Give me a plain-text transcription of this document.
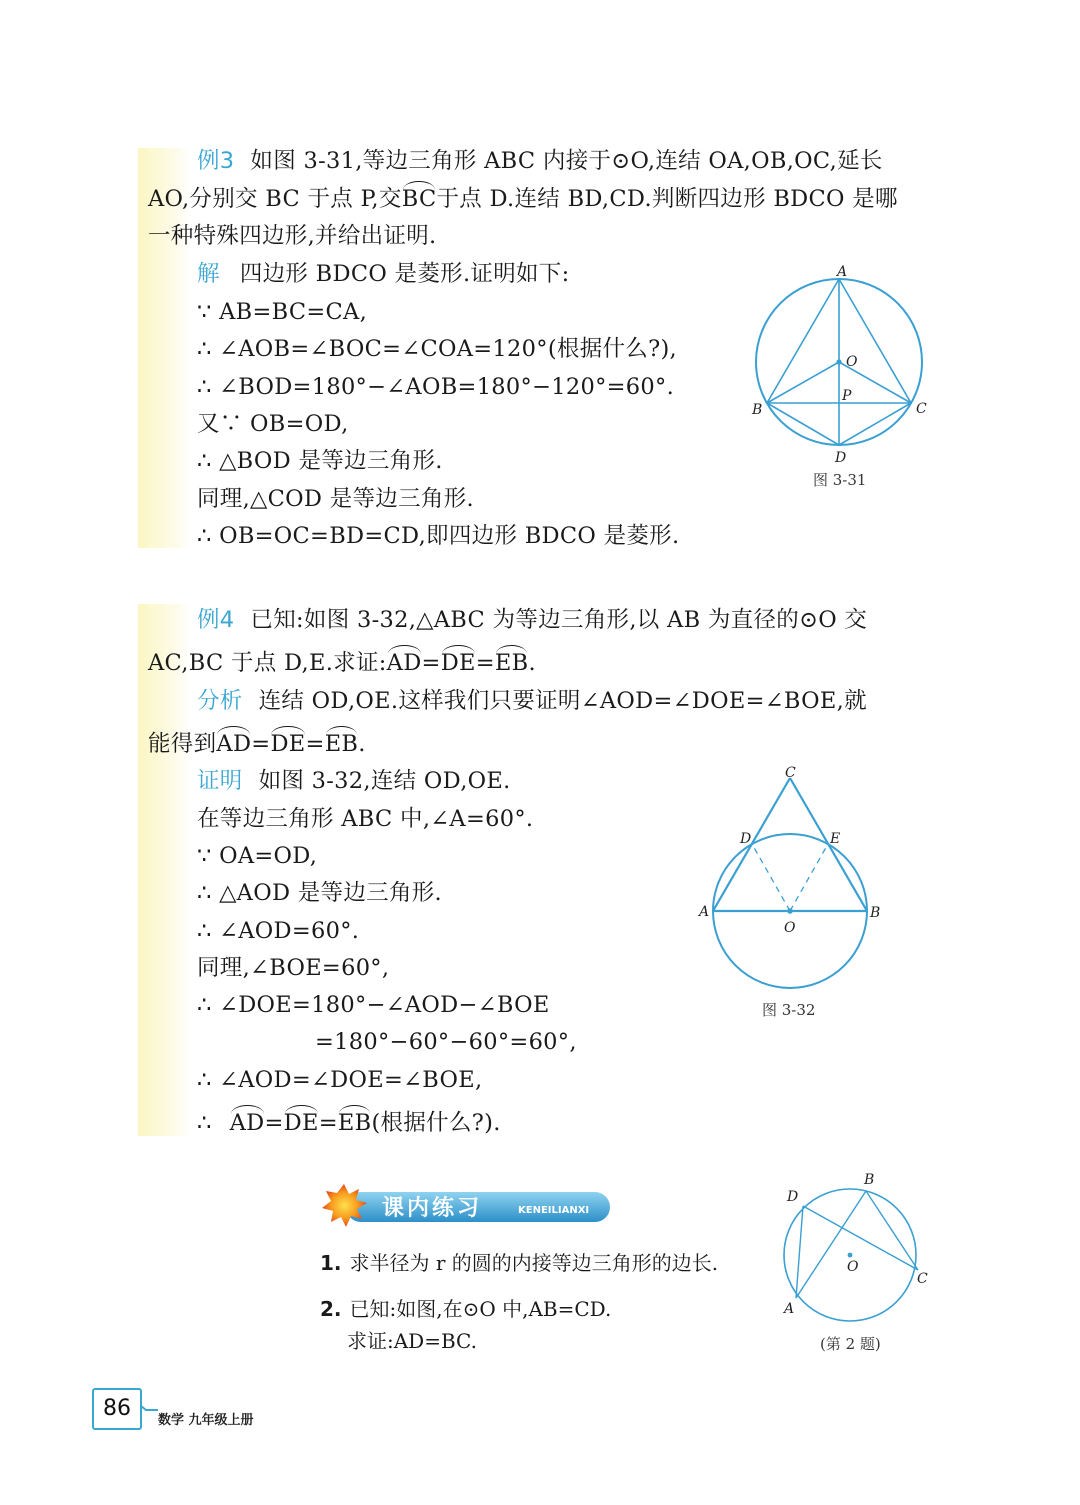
例3 如图 3-31,等边三角形 ABC 内接于⊙O,连结 OA,OB,OC,延长
AO,分别交 BC 于点 P,交BC于点 D.连结 BD,CD.判断四边形 BDCO 是哪
一种特殊四边形,并给出证明.
解 四边形 BDCO 是菱形.证明如下:
∵ AB=BC=CA,
∴ ∠AOB=∠BOC=∠COA=120°(根据什么?),
∴ ∠BOD=180°−∠AOB=180°−120°=60°.
又∵ OB=OD,
∴ △BOD 是等边三角形.
同理,△COD 是等边三角形.
∴ OB=OC=BD=CD,即四边形 BDCO 是菱形.
A
O
P
B	C
D
图 3-31
例4 已知:如图 3-32,△ABC 为等边三角形,以 AB 为直径的⊙O 交
AC,BC 于点 D,E.求证:AD=DE=EB.
分析 连结 OD,OE.这样我们只要证明∠AOD=∠DOE=∠BOE,就
能得到AD=DE=EB.
证明 如图 3-32,连结 OD,OE.
在等边三角形 ABC 中,∠A=60°.
∵ OA=OD,
∴ △AOD 是等边三角形.
∴ ∠AOD=60°.
同理,∠BOE=60°,
∴ ∠DOE=180°−∠AOD−∠BOE
=180°−60°−60°=60°,
∴ ∠AOD=∠DOE=∠BOE,
∴ AD=DE=EB(根据什么?).
C
D	E
A	B
O
图 3-32
课内练习	KENEILIANXI
1. 求半径为 r 的圆的内接等边三角形的边长.
2. 已知:如图,在⊙O 中,AB=CD.
求证:AD=BC.
B
D
O
C
A
(第 2 题)
86	数学 九年级上册
